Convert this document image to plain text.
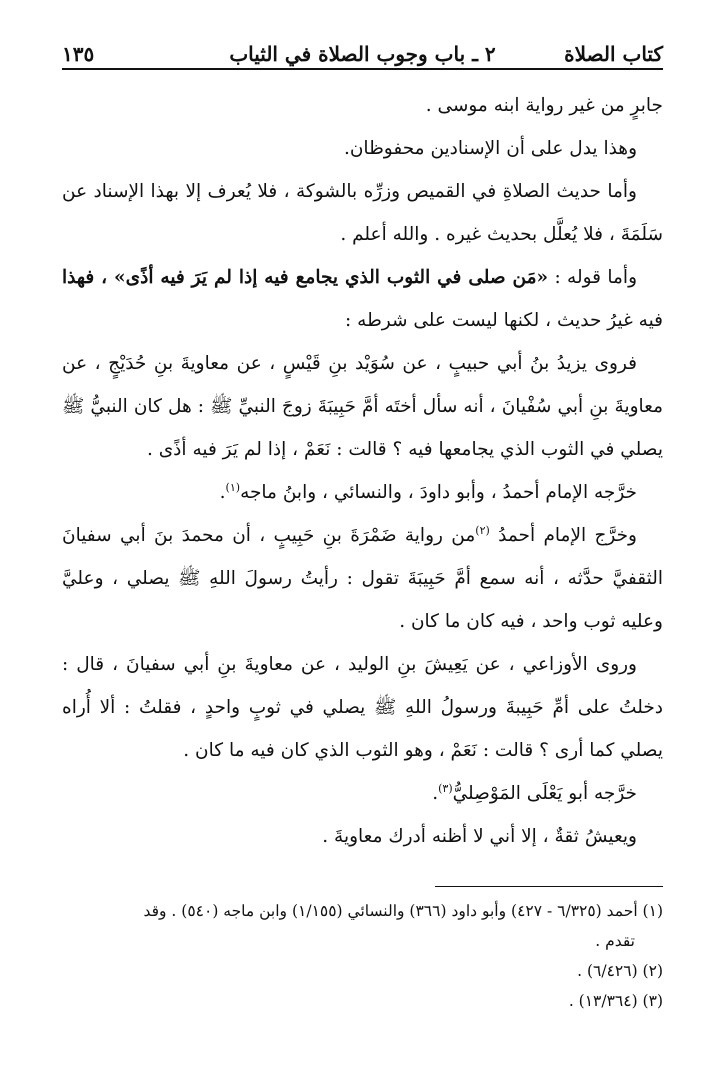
كتاب الصلاة
٢ ـ باب وجوب الصلاة في الثياب
١٣٥

جابرٍ من غير رواية ابنه موسى .

وهذا يدل على أن الإسنادين محفوظان.

وأما حديث الصلاةِ في القميص وزرِّه بالشوكة ، فلا يُعرف إلا بهذا الإسناد عن سَلَمَةَ ، فلا يُعلَّل بحديث غيره . والله أعلم .

وأما قوله : «مَن صلى في الثوب الذي يجامع فيه إذا لم يَرَ فيه أذًى» ، فهذا فيه غيرُ حديث ، لكنها ليست على شرطه :

فروى يزيدُ بنُ أبي حبيبٍ ، عن سُوَيْد بنِ قَيْسٍ ، عن معاويةَ بنِ حُدَيْجٍ ، عن معاويةَ بنِ أبي سُفْيانَ ، أنه سأل أختَه أمَّ حَبِيبَةَ زوجَ النبيِّ ﷺ : هل كان النبيُّ ﷺ يصلي في الثوب الذي يجامعها فيه ؟ قالت : نَعَمْ ، إذا لم يَرَ فيه أذًى .

خرَّجه الإمام أحمدُ ، وأبو داودَ ، والنسائي ، وابنُ ماجه$^{(١)}$.

وخرَّج الإمام أحمدُ $^{(٢)}$من رواية ضَمْرَةَ بنِ حَبِيبٍ ، أن محمدَ بنَ أبي سفيانَ الثقفيَّ حدَّثه ، أنه سمع أمَّ حَبِيبَةَ تقول : رأيتُ رسولَ اللهِ ﷺ يصلي ، وعليَّ وعليه ثوب واحد ، فيه كان ما كان .

وروى الأوزاعي ، عن يَعِيشَ بنِ الوليد ، عن معاويةَ بنِ أبي سفيانَ ، قال : دخلتُ على أمِّ حَبِيبةَ ورسولُ اللهِ ﷺ يصلي في ثوبٍ واحدٍ ، فقلتُ : ألا أُراه يصلي كما أرى ؟ قالت : نَعَمْ ، وهو الثوب الذي كان فيه ما كان .

خرَّجه أبو يَعْلَى المَوْصِليُّ$^{(٣)}$.

ويعيشُ ثقةٌ ، إلا أني لا أظنه أدرك معاويةَ .

(١) أحمد (٦/٣٢٥ - ٤٢٧) وأبو داود (٣٦٦) والنسائي (١/١٥٥) وابن ماجه (٥٤٠) . وقد

تقدم .

(٢) (٦/٤٢٦) .

(٣) (١٣/٣٦٤) .
